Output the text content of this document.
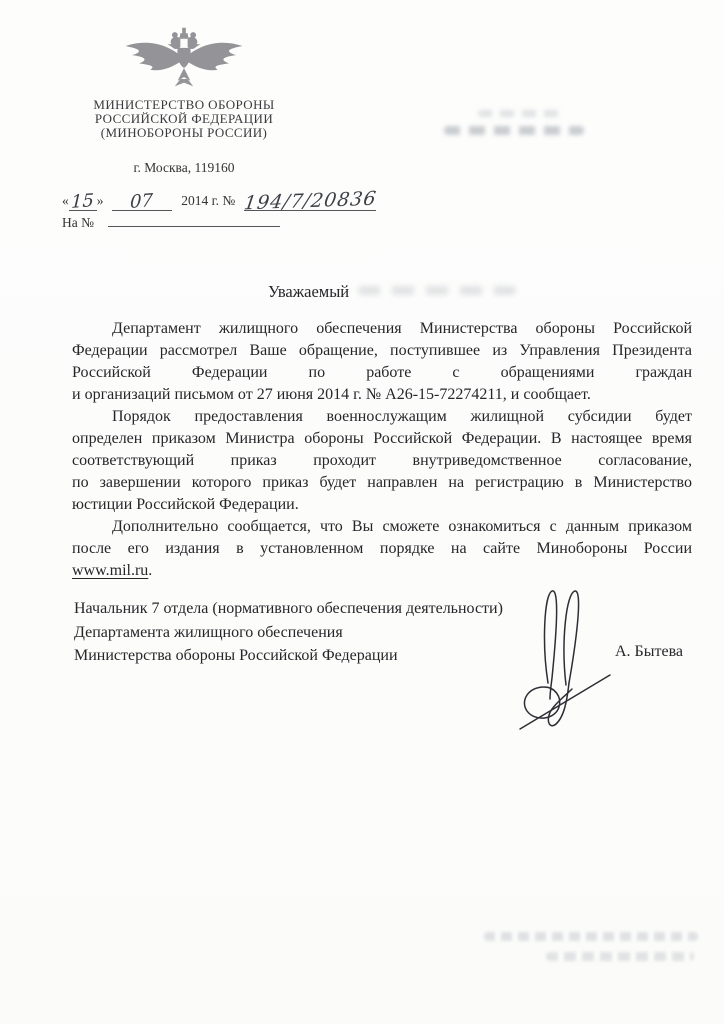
МИНИСТЕРСТВО ОБОРОНЫ
РОССИЙСКОЙ ФЕДЕРАЦИИ
(МИНОБОРОНЫ РОССИИ)
г. Москва, 119160
« 15 » 07 2014 г. № 194/7/20836
На №
Уважаемый
Департамент жилищного обеспечения Министерства обороны Российской
Федерации рассмотрел Ваше обращение, поступившее из Управления Президента
Российской Федерации по работе с обращениями граждан
и организаций письмом от 27 июня 2014 г. № А26-15-72274211, и сообщает.
Порядок предоставления военнослужащим жилищной субсидии будет
определен приказом Министра обороны Российской Федерации. В настоящее время
соответствующий приказ проходит внутриведомственное согласование,
по завершении которого приказ будет направлен на регистрацию в Министерство
юстиции Российской Федерации.
Дополнительно сообщается, что Вы сможете ознакомиться с данным приказом
после его издания в установленном порядке на сайте Минобороны России
www.mil.ru.
Начальник 7 отдела (нормативного обеспечения деятельности)
Департамента жилищного обеспечения
Министерства обороны Российской Федерации	А. Бытева
